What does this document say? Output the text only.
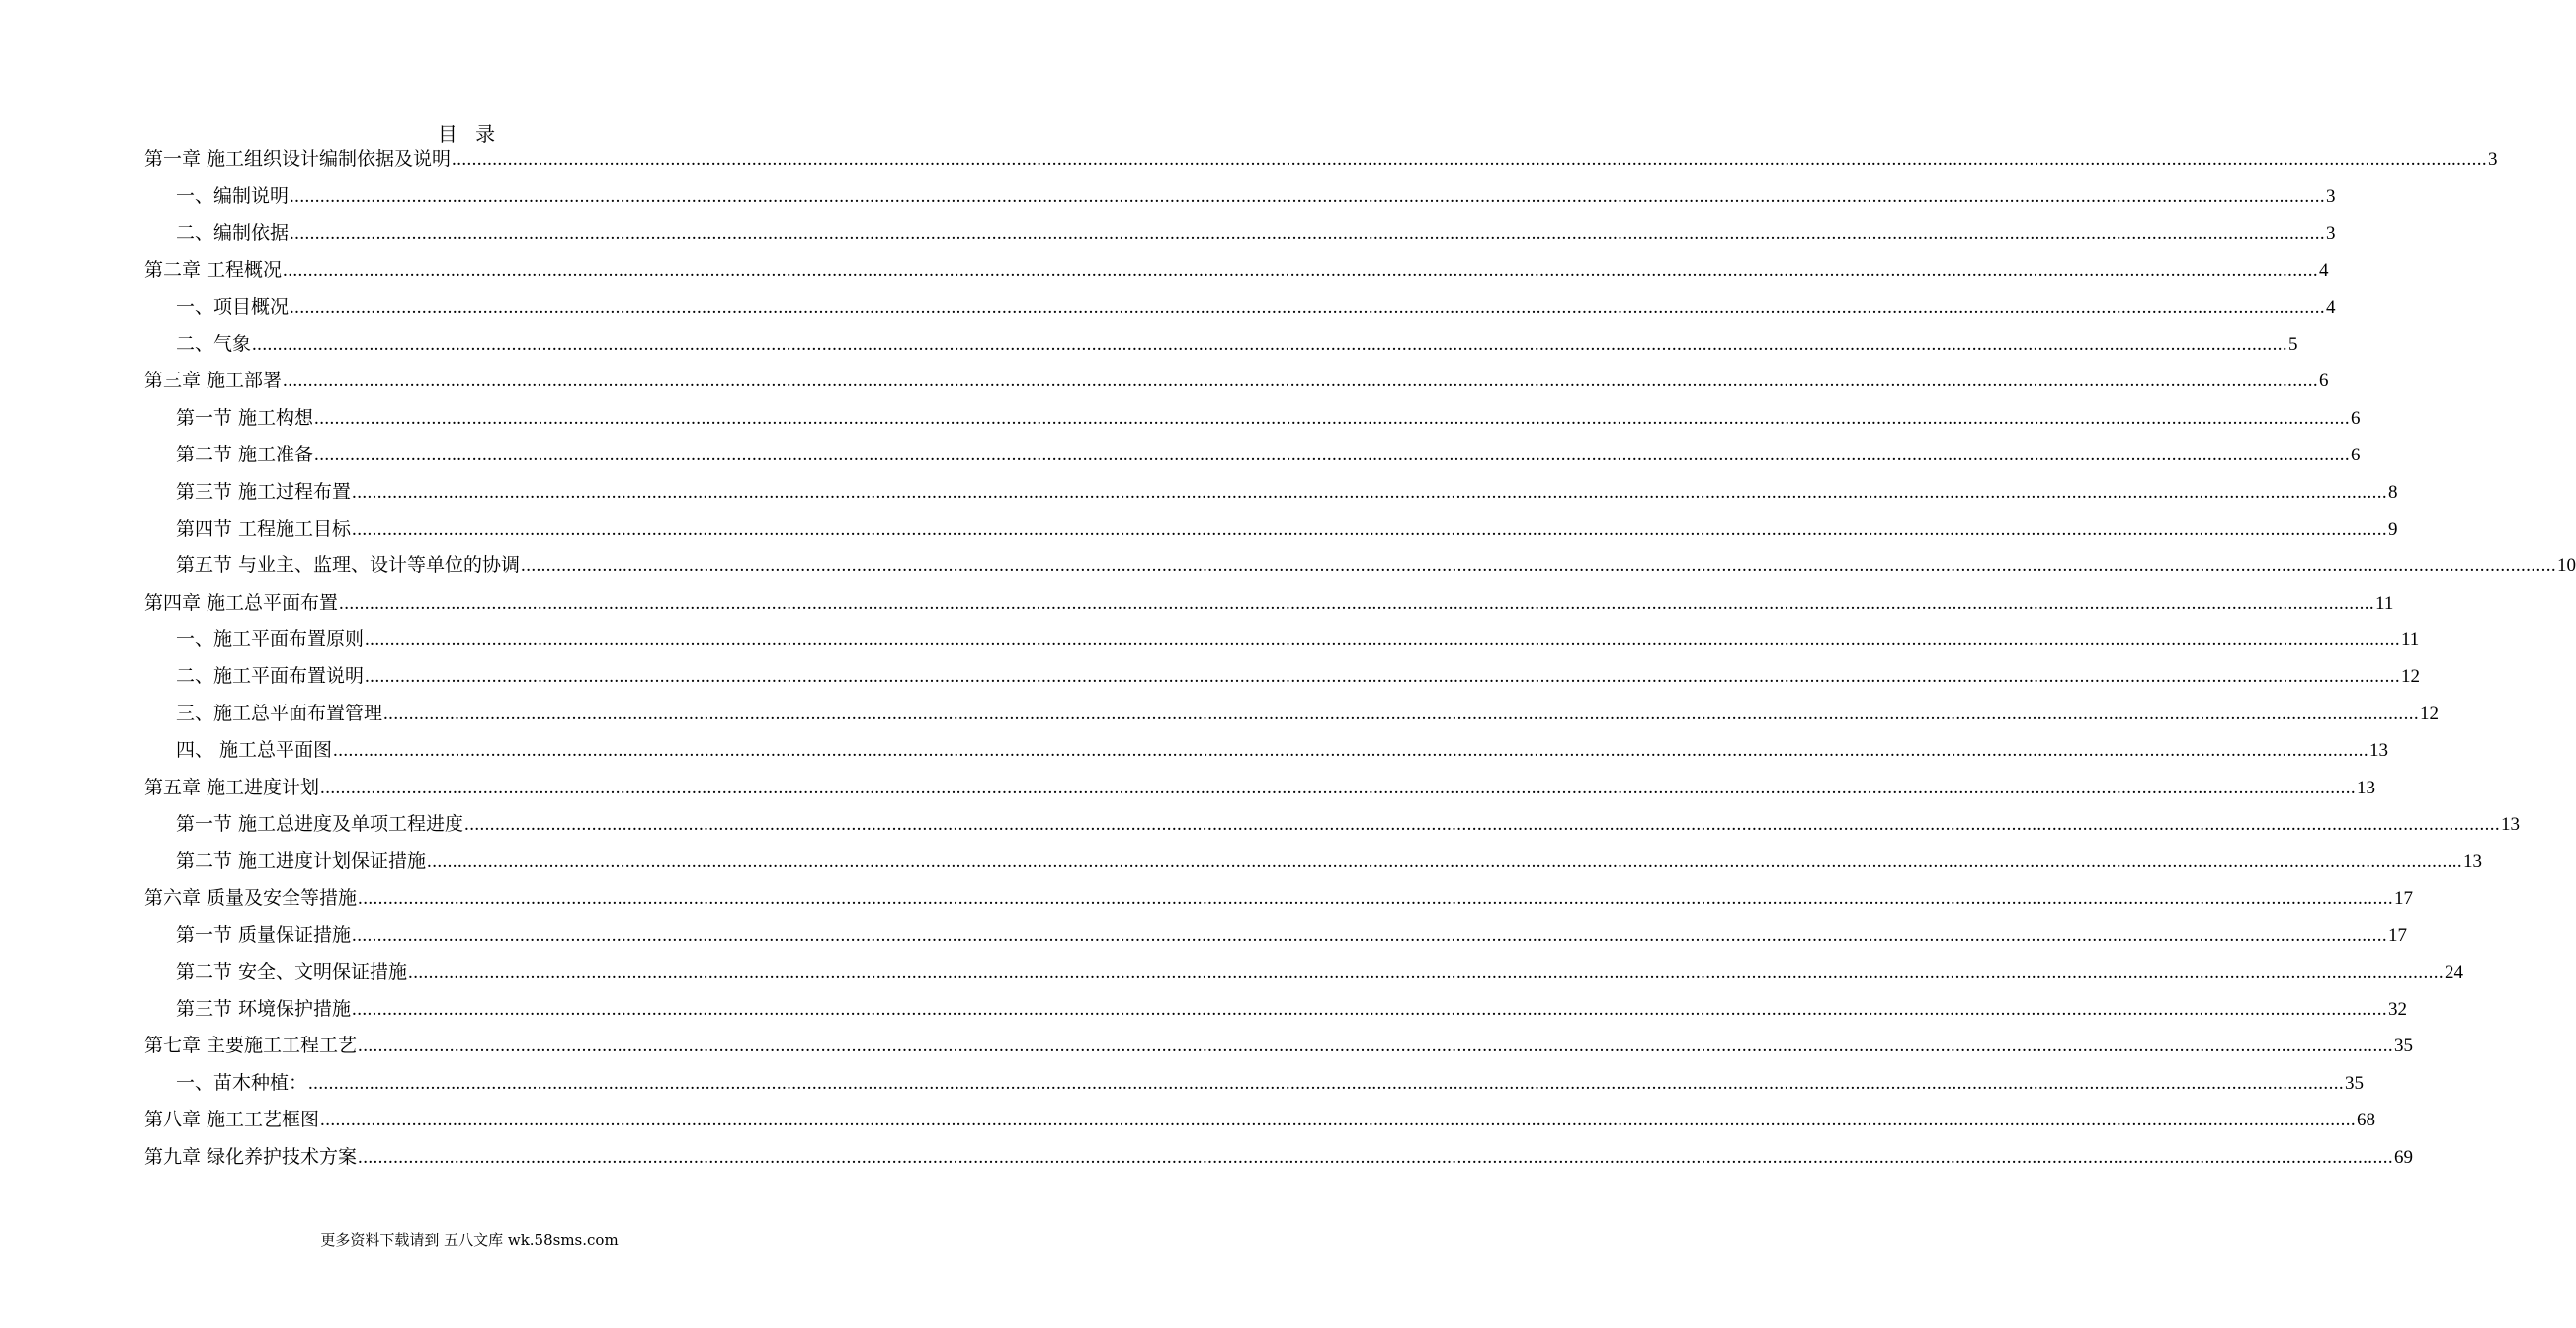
目 录
第一章 施工组织设计编制依据及说明 ................................................................................................................................................................................................................................................................................................................................................................................................................ 3
一、编制说明 ................................................................................................................................................................................................................................................................................................................................................................................................................ 3
二、编制依据 ................................................................................................................................................................................................................................................................................................................................................................................................................ 3
第二章 工程概况 ................................................................................................................................................................................................................................................................................................................................................................................................................ 4
一、项目概况 ................................................................................................................................................................................................................................................................................................................................................................................................................ 4
二、气象 ................................................................................................................................................................................................................................................................................................................................................................................................................ 5
第三章 施工部署 ................................................................................................................................................................................................................................................................................................................................................................................................................ 6
第一节 施工构想 ................................................................................................................................................................................................................................................................................................................................................................................................................ 6
第二节 施工准备 ................................................................................................................................................................................................................................................................................................................................................................................................................ 6
第三节 施工过程布置 ................................................................................................................................................................................................................................................................................................................................................................................................................ 8
第四节 工程施工目标 ................................................................................................................................................................................................................................................................................................................................................................................................................ 9
第五节 与业主、监理、设计等单位的协调 ................................................................................................................................................................................................................................................................................................................................................................................................................ 10
第四章 施工总平面布置 ................................................................................................................................................................................................................................................................................................................................................................................................................ 11
一、施工平面布置原则 ................................................................................................................................................................................................................................................................................................................................................................................................................ 11
二、施工平面布置说明 ................................................................................................................................................................................................................................................................................................................................................................................................................ 12
三、施工总平面布置管理 ................................................................................................................................................................................................................................................................................................................................................................................................................ 12
四、 施工总平面图 ................................................................................................................................................................................................................................................................................................................................................................................................................ 13
第五章 施工进度计划 ................................................................................................................................................................................................................................................................................................................................................................................................................ 13
第一节 施工总进度及单项工程进度 ................................................................................................................................................................................................................................................................................................................................................................................................................ 13
第二节 施工进度计划保证措施 ................................................................................................................................................................................................................................................................................................................................................................................................................ 13
第六章 质量及安全等措施 ................................................................................................................................................................................................................................................................................................................................................................................................................ 17
第一节 质量保证措施 ................................................................................................................................................................................................................................................................................................................................................................................................................ 17
第二节 安全、文明保证措施 ................................................................................................................................................................................................................................................................................................................................................................................................................ 24
第三节 环境保护措施 ................................................................................................................................................................................................................................................................................................................................................................................................................ 32
第七章 主要施工工程工艺 ................................................................................................................................................................................................................................................................................................................................................................................................................ 35
一、苗木种植： ................................................................................................................................................................................................................................................................................................................................................................................................................ 35
第八章 施工工艺框图 ................................................................................................................................................................................................................................................................................................................................................................................................................ 68
第九章 绿化养护技术方案 ................................................................................................................................................................................................................................................................................................................................................................................................................ 69
更多资料下载请到 五八文库 wk.58sms.com
